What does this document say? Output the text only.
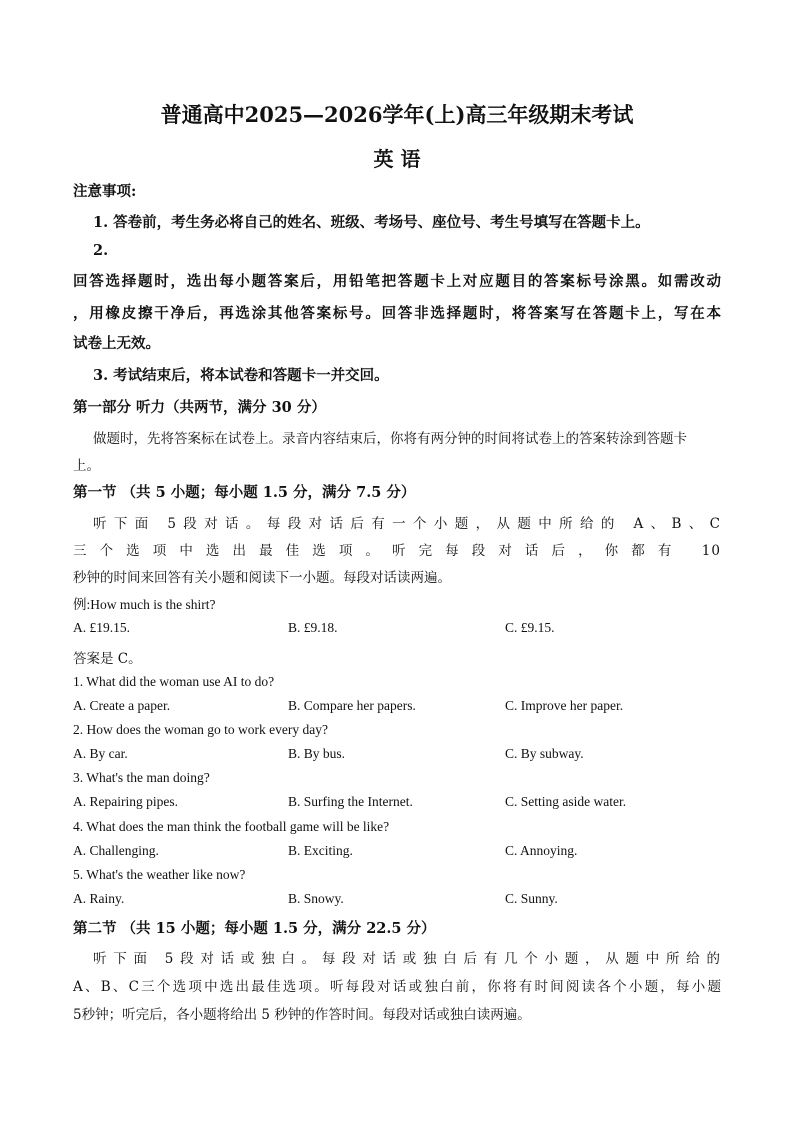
普通高中2025—2026学年(上)高三年级期末考试
英 语
注意事项:
1. 答卷前，考生务必将自己的姓名、班级、考场号、座位号、考生号填写在答题卡上。
2.
回答选择题时，选出每小题答案后，用铅笔把答题卡上对应题目的答案标号涂黑。如需改动
，用橡皮擦干净后，再选涂其他答案标号。回答非选择题时，将答案写在答题卡上，写在本
试卷上无效。
3. 考试结束后，将本试卷和答题卡一并交回。
第一部分 听力（共两节，满分 30 分）
做题时，先将答案标在试卷上。录音内容结束后，你将有两分钟的时间将试卷上的答案转涂到答题卡
上。
第一节 （共 5 小题；每小题 1.5 分，满分 7.5 分）
听下面 5段对话。每段对话后有一个小题，从题中所给的 A、B、C
三个选项中选出最佳选项。听完每段对话后，你都有 10
秒钟的时间来回答有关小题和阅读下一小题。每段对话读两遍。
例:How much is the shirt?
A. £19.15.	B. £9.18.	C. £9.15.
答案是 C。
1. What did the woman use AI to do?
A. Create a paper.	B. Compare her papers.	C. Improve her paper.
2. How does the woman go to work every day?
A. By car.	B. By bus.	C. By subway.
3. What's the man doing?
A. Repairing pipes.	B. Surfing the Internet.	C. Setting aside water.
4. What does the man think the football game will be like?
A. Challenging.	B. Exciting.	C. Annoying.
5. What's the weather like now?
A. Rainy.	B. Snowy.	C. Sunny.
第二节 （共 15 小题；每小题 1.5 分，满分 22.5 分）
听下面 5段对话或独白。每段对话或独白后有几个小题，从题中所给的
A、B、C三个选项中选出最佳选项。听每段对话或独白前，你将有时间阅读各个小题，每小题
5秒钟；听完后，各小题将给出 5 秒钟的作答时间。每段对话或独白读两遍。
